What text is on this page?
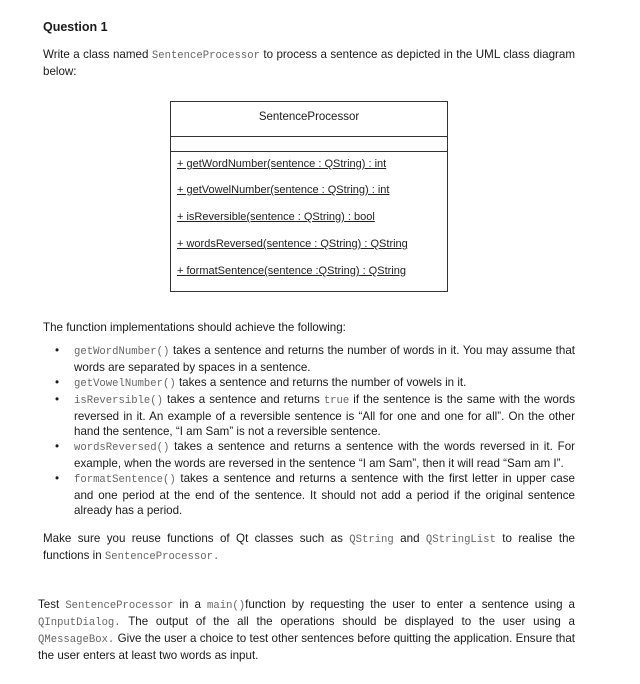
Question 1
Write a class named SentenceProcessor to process a sentence as depicted in the UML class diagram below:
SentenceProcessor
+ getWordNumber(sentence : QString) : int
+ getVowelNumber(sentence : QString) : int
+ isReversible(sentence : QString) : bool
+ wordsReversed(sentence : QString) : QString
+ formatSentence(sentence :QString) : QString
The function implementations should achieve the following:
• getWordNumber() takes a sentence and returns the number of words in it. You may assume that words are separated by spaces in a sentence.
• getVowelNumber() takes a sentence and returns the number of vowels in it.
• isReversible() takes a sentence and returns true if the sentence is the same with the words reversed in it. An example of a reversible sentence is “All for one and one for all”. On the other hand the sentence, “I am Sam” is not a reversible sentence.
• wordsReversed() takes a sentence and returns a sentence with the words reversed in it. For example, when the words are reversed in the sentence “I am Sam”, then it will read “Sam am I”.
• formatSentence() takes a sentence and returns a sentence with the first letter in upper case and one period at the end of the sentence. It should not add a period if the original sentence already has a period.
Make sure you reuse functions of Qt classes such as QString and QStringList to realise the functions in SentenceProcessor.
Test SentenceProcessor in a main()function by requesting the user to enter a sentence using a QInputDialog. The output of the all the operations should be displayed to the user using a QMessageBox. Give the user a choice to test other sentences before quitting the application. Ensure that the user enters at least two words as input.
